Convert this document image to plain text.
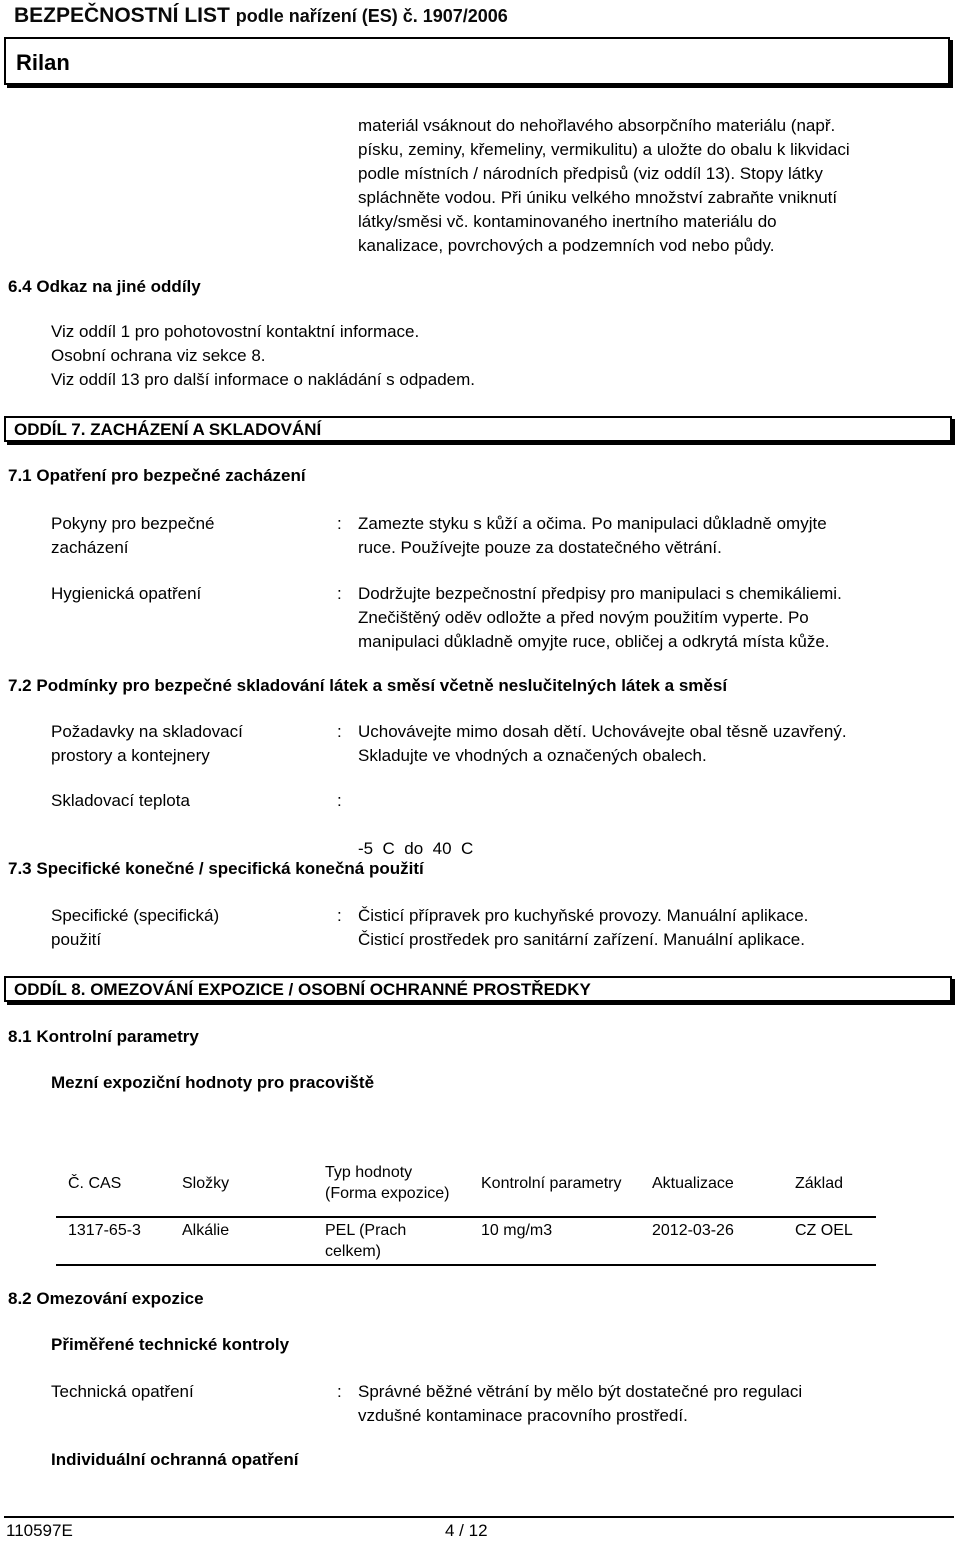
BEZPEČNOSTNÍ LIST podle nařízení (ES) č. 1907/2006
Rilan
materiál vsáknout do nehořlavého absorpčního materiálu (např.
písku, zeminy, křemeliny, vermikulitu) a uložte do obalu k likvidaci
podle místních / národních předpisů (viz oddíl 13). Stopy látky
spláchněte vodou. Při úniku velkého množství zabraňte vniknutí
látky/směsi vč. kontaminovaného inertního materiálu do
kanalizace, povrchových a podzemních vod nebo půdy.
6.4 Odkaz na jiné oddíly
Viz oddíl 1 pro pohotovostní kontaktní informace.
Osobní ochrana viz sekce 8.
Viz oddíl 13 pro další informace o nakládání s odpadem.
ODDÍL 7. ZACHÁZENÍ A SKLADOVÁNÍ
7.1 Opatření pro bezpečné zacházení
Pokyny pro bezpečné
zacházení
: Zamezte styku s kůží a očima. Po manipulaci důkladně omyjte
ruce. Používejte pouze za dostatečného větrání.
Hygienická opatření	: Dodržujte bezpečnostní předpisy pro manipulaci s chemikáliemi.
Znečištěný oděv odložte a před novým použitím vyperte. Po
manipulaci důkladně omyjte ruce, obličej a odkrytá místa kůže.
7.2 Podmínky pro bezpečné skladování látek a směsí včetně neslučitelných látek a směsí
Požadavky na skladovací
prostory a kontejnery
: Uchovávejte mimo dosah dětí. Uchovávejte obal těsně uzavřený.
Skladujte ve vhodných a označených obalech.
Skladovací teplota	:

-5  C  do  40  C

7.3 Specifické konečné / specifická konečná použití
Specifické (specifická)
použití
: Čisticí přípravek pro kuchyňské provozy. Manuální aplikace.
Čisticí prostředek pro sanitární zařízení. Manuální aplikace.
ODDÍL 8. OMEZOVÁNÍ EXPOZICE / OSOBNÍ OCHRANNÉ PROSTŘEDKY
8.1 Kontrolní parametry
Mezní expoziční hodnoty pro pracoviště
Č. CAS	Složky	Typ hodnoty (Forma expozice)	Kontrolní parametry	Aktualizace	Základ
1317-65-3	Alkálie	PEL (Prach celkem)	10 mg/m3	2012-03-26	CZ OEL
8.2 Omezování expozice
Přiměřené technické kontroly
Technická opatření	: Správné běžné větrání by mělo být dostatečné pro regulaci
vzdušné kontaminace pracovního prostředí.
Individuální ochranná opatření
110597E	4 / 12
